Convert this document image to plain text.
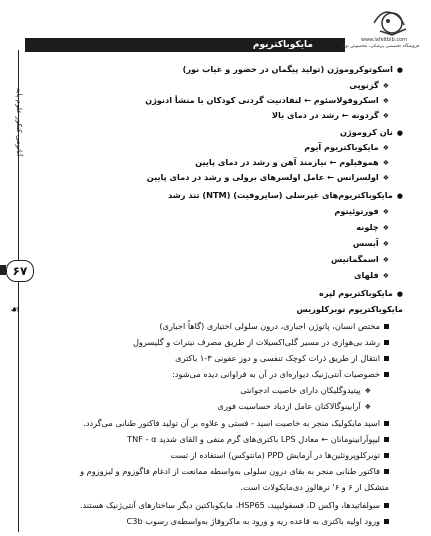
مایکوباکتریوم	www.lafeltbib.com
فروشگاه تخصصی پزشکی، مخصوص نوین
آناتومی کنکور علوم پایه
۶۷
☙
●اسکوتوکروموژن (تولید پیگمان در حضور و غیاب نور)
❖گزنوپی
❖اسکروفولاسئوم ← لنفادنیت گردنی کودکان با منشأ ادنوژن
❖گردونه ← رشد در دمای بالا
●نان کروموژن
❖مایکوباکتریوم آیوم
❖هموفیلوم ← نیازمند آهن و رشد در دمای پایین
❖اولسرانس ← عامل اولسرهای برولی و رشد در دمای پایین
●مایکوباکتریوم‌های غیرسلی (سایروفیت) (NTM) تند رشد
❖فورتوئیتوم
❖چلونه
❖آبسس
❖اسمگماتیس
❖فلهای
●مایکوباکتریوم لپره
مایکوباکتریوم توبرکلوزیس
مختص انسان، پاتوژن اجباری، درون سلولی اختیاری (گاهاً اجباری)
رشد بی‌هوازی در مسیر گلی‌اکسیلات از طریق مصرف نیترات و گلیسرول
انتقال از طریق ذرات کوچک تنفسی و دوز عفونی ۳-۱ باکتری
خصوصیات آنتی‌ژنیک دیواره‌ای در آن به فراوانی دیده می‌شود:
❖پپتیدوگلیکان دارای خاصیت ادجوانتی
❖آرابینوگالاکتان عامل ازدیاد حساسیت فوری
اسید مایکولیک منجر به خاصیت اسید - فستی و علاوه بر آن تولید فاکتور طنابی می‌گردد.
لیپوآرابینومانان ← معادل LPS باکتری‌های گرم منفی و القای شدید TNF - α
توبرکلوپروتئین‌ها در آزمایش PPD (مانتوکس) استفاده از تست
فاکتور طنابی منجر به بقای درون سلولی به‌واسطه ممانعت از ادغام فاگوزوم و لیزوزوم و
متشکل از ۶ و ۶' ترهالوز دی‌مایکولات است.
سولفاتیدها، واکس D، فسفولیپید، HSP65، مایکوباکتین دیگر ساختارهای آنتی‌ژنیک هستند.
ورود اولیه باکتری به قاعده ریه و ورود به ماکروفاژ به‌واسطه‌ی رسوب C3b
